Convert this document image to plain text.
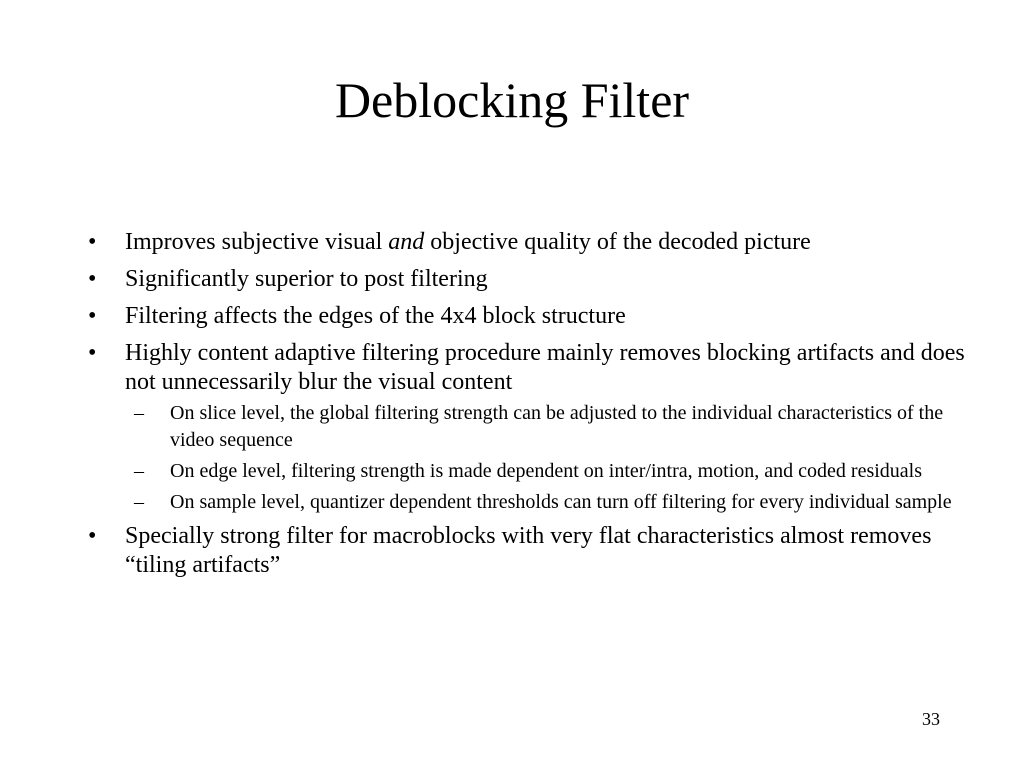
Deblocking Filter
•	Improves subjective visual and objective quality of the decoded picture
•	Significantly superior to post filtering
•	Filtering affects the edges of the 4x4 block structure
•	Highly content adaptive filtering procedure mainly removes blocking artifacts and does not unnecessarily blur the visual content
–	On slice level, the global filtering strength can be adjusted to the individual characteristics of the video sequence
–	On edge level, filtering strength is made dependent on inter/intra, motion, and coded residuals
–	On sample level, quantizer dependent thresholds can turn off filtering for every individual sample
•	Specially strong filter for macroblocks with very flat characteristics almost removes “tiling artifacts”
33
